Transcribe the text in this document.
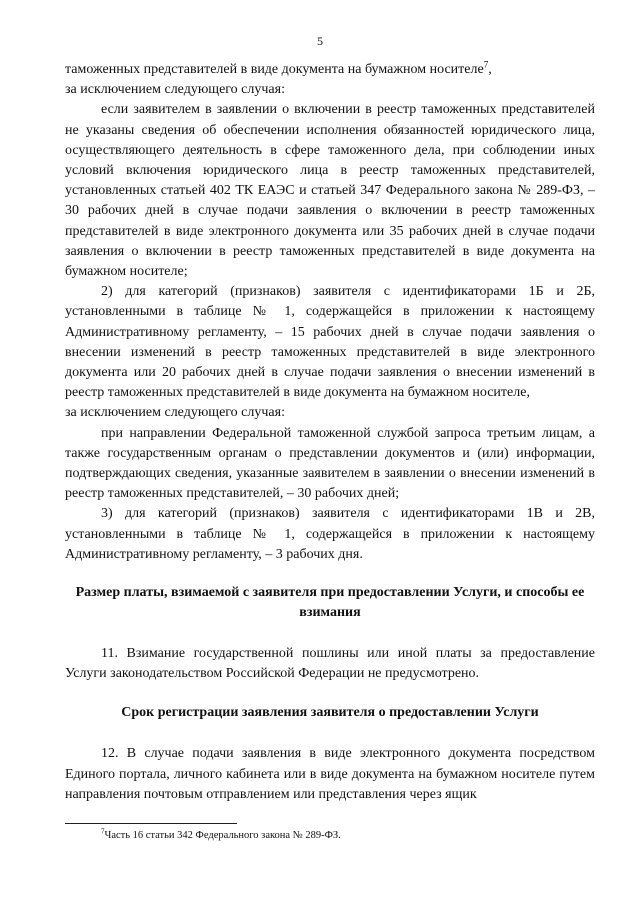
5

таможенных представителей в виде документа на бумажном носителе$^7$,

за исключением следующего случая:

если заявителем в заявлении о включении в реестр таможенных представителей не указаны сведения об обеспечении исполнения обязанностей юридического лица, осуществляющего деятельность в сфере таможенного дела, при соблюдении иных условий включения юридического лица в реестр таможенных представителей, установленных статьей 402 ТК ЕАЭС и статьей 347 Федерального закона № 289-ФЗ, – 30 рабочих дней в случае подачи заявления о включении в реестр таможенных представителей в виде электронного документа или 35 рабочих дней в случае подачи заявления о включении в реестр таможенных представителей в виде документа на бумажном носителе;

2) для категорий (признаков) заявителя с идентификаторами 1Б и 2Б, установленными в таблице № 1, содержащейся в приложении к настоящему Административному регламенту, – 15 рабочих дней в случае подачи заявления о внесении изменений в реестр таможенных представителей в виде электронного документа или 20 рабочих дней в случае подачи заявления о внесении изменений в реестр таможенных представителей в виде документа на бумажном носителе,

за исключением следующего случая:

при направлении Федеральной таможенной службой запроса третьим лицам, а также государственным органам о представлении документов и (или) информации, подтверждающих сведения, указанные заявителем в заявлении о внесении изменений в реестр таможенных представителей, – 30 рабочих дней;

3) для категорий (признаков) заявителя с идентификаторами 1В и 2В, установленными в таблице № 1, содержащейся в приложении к настоящему Административному регламенту, – 3 рабочих дня.

Размер платы, взимаемой с заявителя при предоставлении Услуги, и способы ее взимания

11. Взимание государственной пошлины или иной платы за предоставление Услуги законодательством Российской Федерации не предусмотрено.

Срок регистрации заявления заявителя о предоставлении Услуги

12. В случае подачи заявления в виде электронного документа посредством Единого портала, личного кабинета или в виде документа на бумажном носителе путем направления почтовым отправлением или представления через ящик

$^7$Часть 16 статьи 342 Федерального закона № 289-ФЗ.
